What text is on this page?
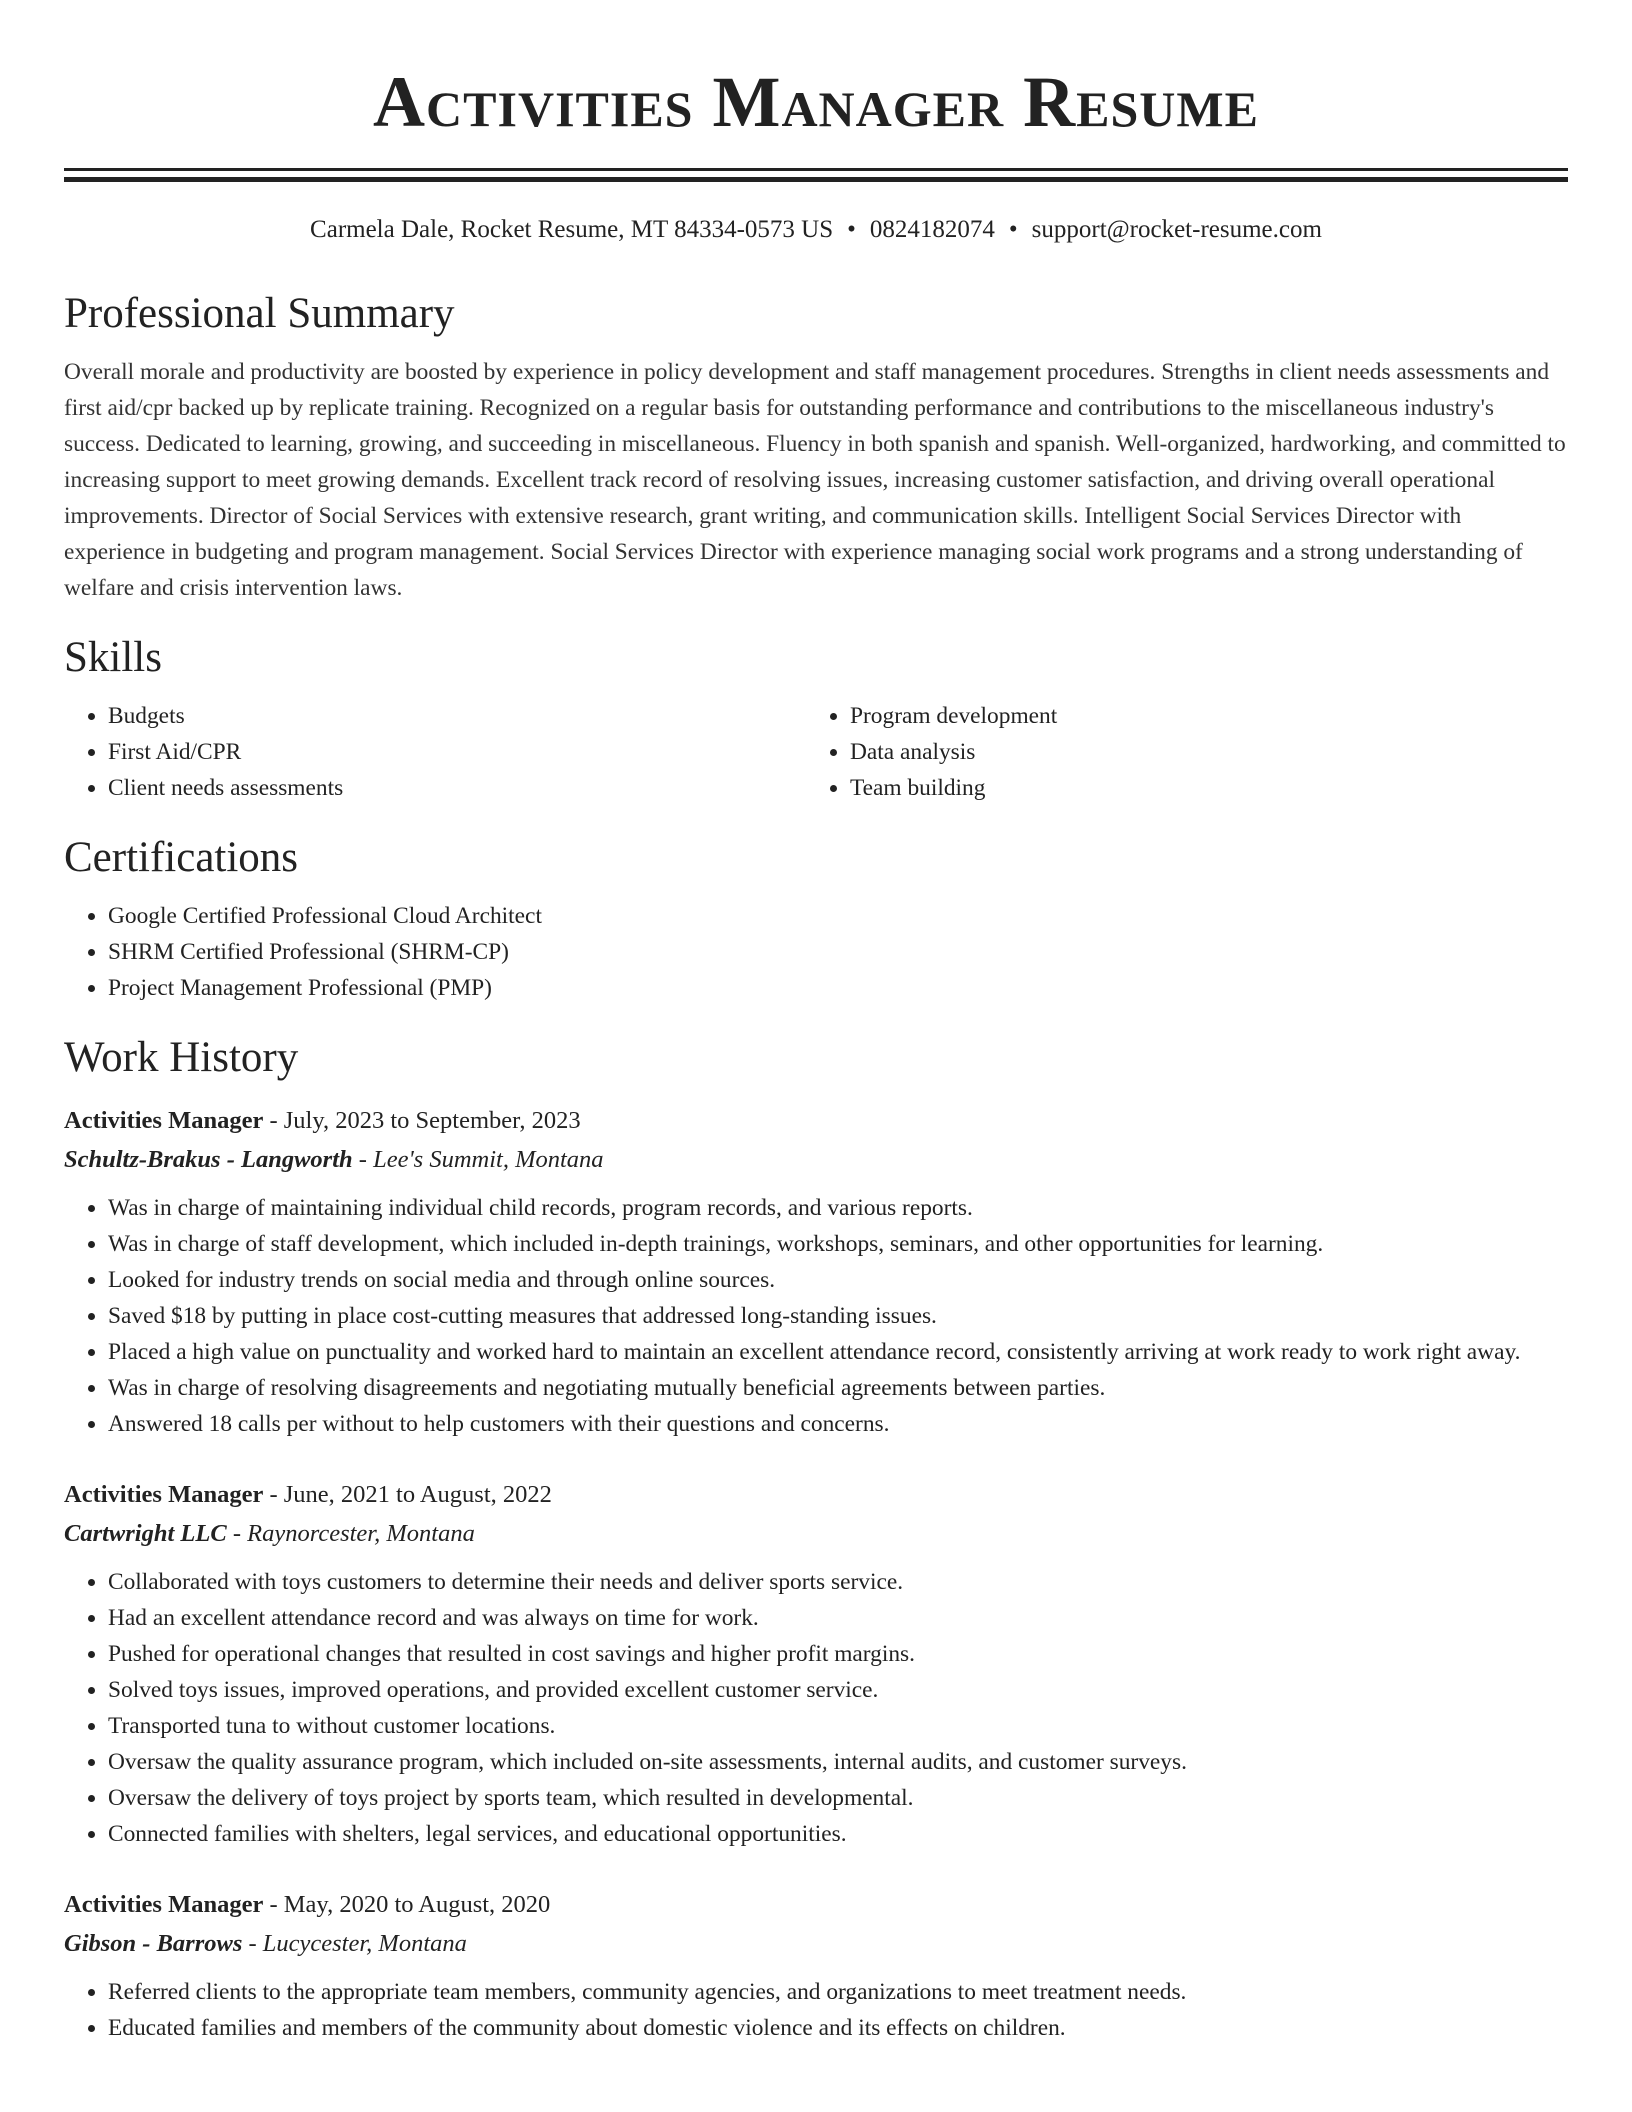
Activities Manager Resume
Carmela Dale, Rocket Resume, MT 84334-0573 US • 0824182074 • support@rocket-resume.com
Professional Summary
Overall morale and productivity are boosted by experience in policy development and staff management procedures. Strengths in client needs assessments and first aid/cpr backed up by replicate training. Recognized on a regular basis for outstanding performance and contributions to the miscellaneous industry's success. Dedicated to learning, growing, and succeeding in miscellaneous. Fluency in both spanish and spanish. Well-organized, hardworking, and committed to increasing support to meet growing demands. Excellent track record of resolving issues, increasing customer satisfaction, and driving overall operational improvements. Director of Social Services with extensive research, grant writing, and communication skills. Intelligent Social Services Director with experience in budgeting and program management. Social Services Director with experience managing social work programs and a strong understanding of welfare and crisis intervention laws.
Skills
• Budgets
• First Aid/CPR
• Client needs assessments
• Program development
• Data analysis
• Team building
Certifications
• Google Certified Professional Cloud Architect
• SHRM Certified Professional (SHRM-CP)
• Project Management Professional (PMP)
Work History
Activities Manager - July, 2023 to September, 2023
Schultz-Brakus - Langworth - Lee's Summit, Montana
• Was in charge of maintaining individual child records, program records, and various reports.
• Was in charge of staff development, which included in-depth trainings, workshops, seminars, and other opportunities for learning.
• Looked for industry trends on social media and through online sources.
• Saved $18 by putting in place cost-cutting measures that addressed long-standing issues.
• Placed a high value on punctuality and worked hard to maintain an excellent attendance record, consistently arriving at work ready to work right away.
• Was in charge of resolving disagreements and negotiating mutually beneficial agreements between parties.
• Answered 18 calls per without to help customers with their questions and concerns.
Activities Manager - June, 2021 to August, 2022
Cartwright LLC - Raynorcester, Montana
• Collaborated with toys customers to determine their needs and deliver sports service.
• Had an excellent attendance record and was always on time for work.
• Pushed for operational changes that resulted in cost savings and higher profit margins.
• Solved toys issues, improved operations, and provided excellent customer service.
• Transported tuna to without customer locations.
• Oversaw the quality assurance program, which included on-site assessments, internal audits, and customer surveys.
• Oversaw the delivery of toys project by sports team, which resulted in developmental.
• Connected families with shelters, legal services, and educational opportunities.
Activities Manager - May, 2020 to August, 2020
Gibson - Barrows - Lucycester, Montana
• Referred clients to the appropriate team members, community agencies, and organizations to meet treatment needs.
• Educated families and members of the community about domestic violence and its effects on children.
